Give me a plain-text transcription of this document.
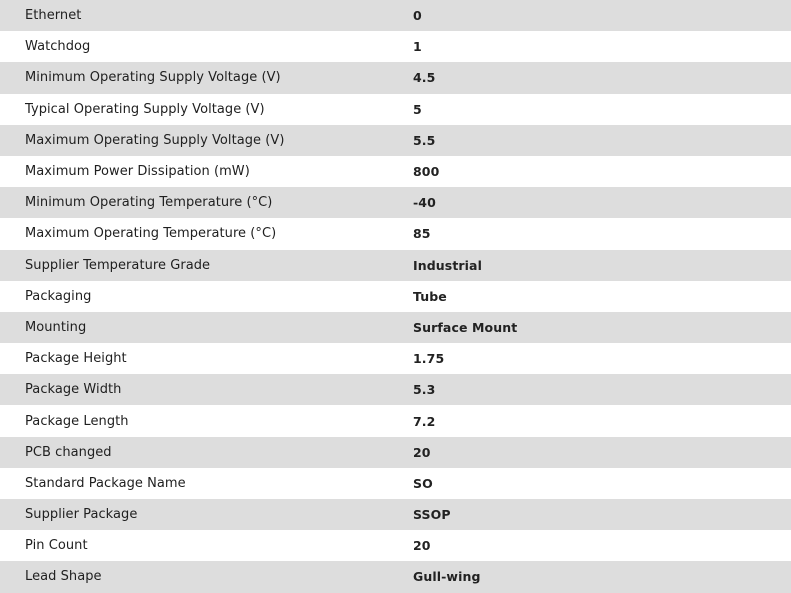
Ethernet	0
Watchdog	1
Minimum Operating Supply Voltage (V)	4.5
Typical Operating Supply Voltage (V)	5
Maximum Operating Supply Voltage (V)	5.5
Maximum Power Dissipation (mW)	800
Minimum Operating Temperature (°C)	-40
Maximum Operating Temperature (°C)	85
Supplier Temperature Grade	Industrial
Packaging	Tube
Mounting	Surface Mount
Package Height	1.75
Package Width	5.3
Package Length	7.2
PCB changed	20
Standard Package Name	SO
Supplier Package	SSOP
Pin Count	20
Lead Shape	Gull-wing
